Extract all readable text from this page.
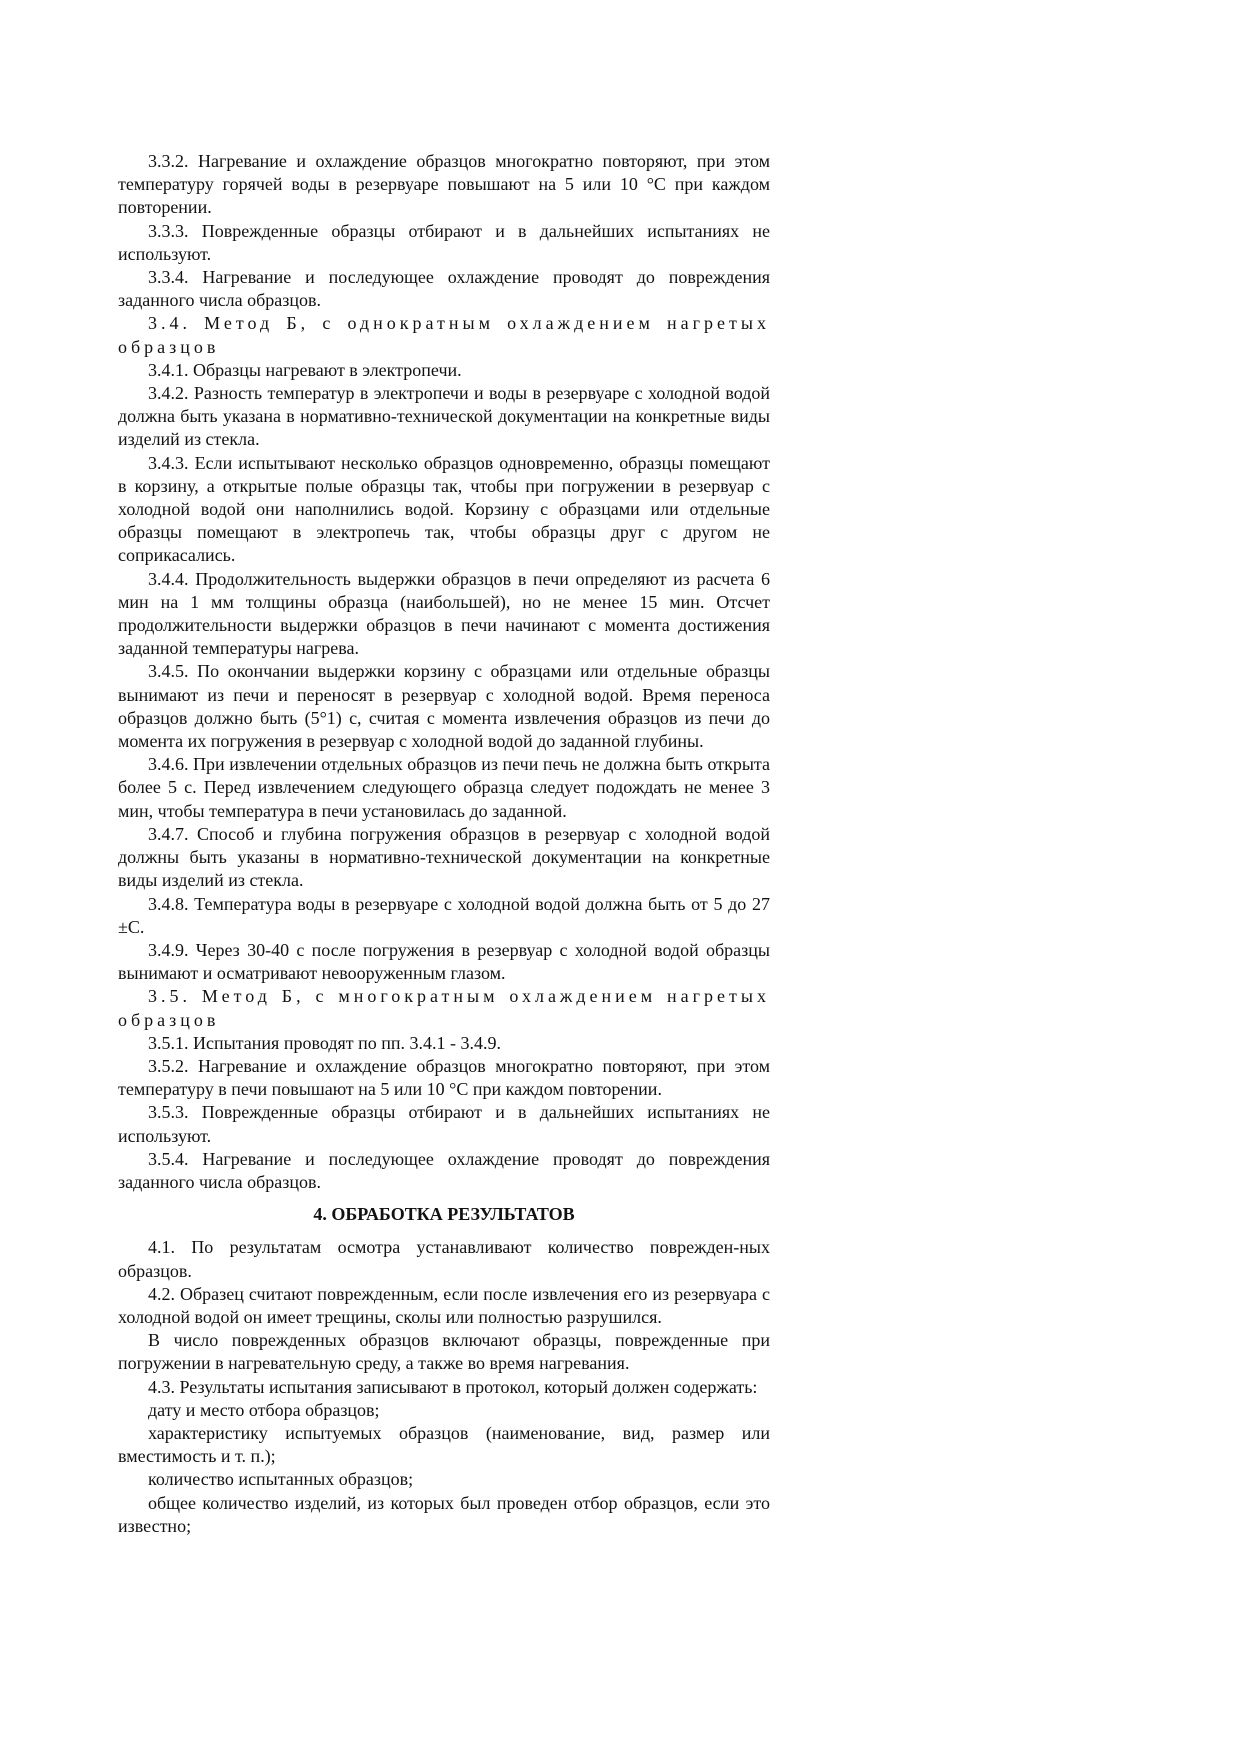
3.3.2. Нагревание и охлаждение образцов многократно повторяют, при этом температуру горячей воды в резервуаре повышают на 5 или 10 °С при каждом повторении.

3.3.3. Поврежденные образцы отбирают и в дальнейших испытаниях не используют.

3.3.4. Нагревание и последующее охлаждение проводят до повреждения заданного числа образцов.

3.4. Метод Б, с однократным охлаждением нагретых образцов

3.4.1. Образцы нагревают в электропечи.

3.4.2. Разность температур в электропечи и воды в резервуаре с холодной водой должна быть указана в нормативно-технической документации на конкретные виды изделий из стекла.

3.4.3. Если испытывают несколько образцов одновременно, образцы помещают в корзину, а открытые полые образцы так, чтобы при погружении в резервуар с холодной водой они наполнились водой. Корзину с образцами или отдельные образцы помещают в электропечь так, чтобы образцы друг с другом не соприкасались.

3.4.4. Продолжительность выдержки образцов в печи определяют из расчета 6 мин на 1 мм толщины образца (наибольшей), но не менее 15 мин. Отсчет продолжительности выдержки образцов в печи начинают с момента достижения заданной температуры нагрева.

3.4.5. По окончании выдержки корзину с образцами или отдельные образцы вынимают из печи и переносят в резервуар с холодной водой. Время переноса образцов должно быть (5°1) с, считая с момента извлечения образцов из печи до момента их погружения в резервуар с холодной водой до заданной глубины.

3.4.6. При извлечении отдельных образцов из печи печь не должна быть открыта более 5 с. Перед извлечением следующего образца следует подождать не менее 3 мин, чтобы температура в печи установилась до заданной.

3.4.7. Способ и глубина погружения образцов в резервуар с холодной водой должны быть указаны в нормативно-технической документации на конкретные виды изделий из стекла.

3.4.8. Температура воды в резервуаре с холодной водой должна быть от 5 до 27 ±С.

3.4.9. Через 30-40 с после погружения в резервуар с холодной водой образцы вынимают и осматривают невооруженным глазом.

3.5. Метод Б, с многократным охлаждением нагретых образцов

3.5.1. Испытания проводят по пп. 3.4.1 - 3.4.9.

3.5.2. Нагревание и охлаждение образцов многократно повторяют, при этом температуру в печи повышают на 5 или 10 °С при каждом повторении.

3.5.3. Поврежденные образцы отбирают и в дальнейших испытаниях не используют.

3.5.4. Нагревание и последующее охлаждение проводят до повреждения заданного числа образцов.

4. ОБРАБОТКА РЕЗУЛЬТАТОВ

4.1. По результатам осмотра устанавливают количество поврежден-ных образцов.

4.2. Образец считают поврежденным, если после извлечения его из резервуара с холодной водой он имеет трещины, сколы или полностью разрушился.

В число поврежденных образцов включают образцы, поврежденные при погружении в нагревательную среду, а также во время нагревания.

4.3. Результаты испытания записывают в протокол, который должен содержать:

дату и место отбора образцов;

характеристику испытуемых образцов (наименование, вид, размер или вместимость и т. п.);

количество испытанных образцов;

общее количество изделий, из которых был проведен отбор образцов, если это известно;
